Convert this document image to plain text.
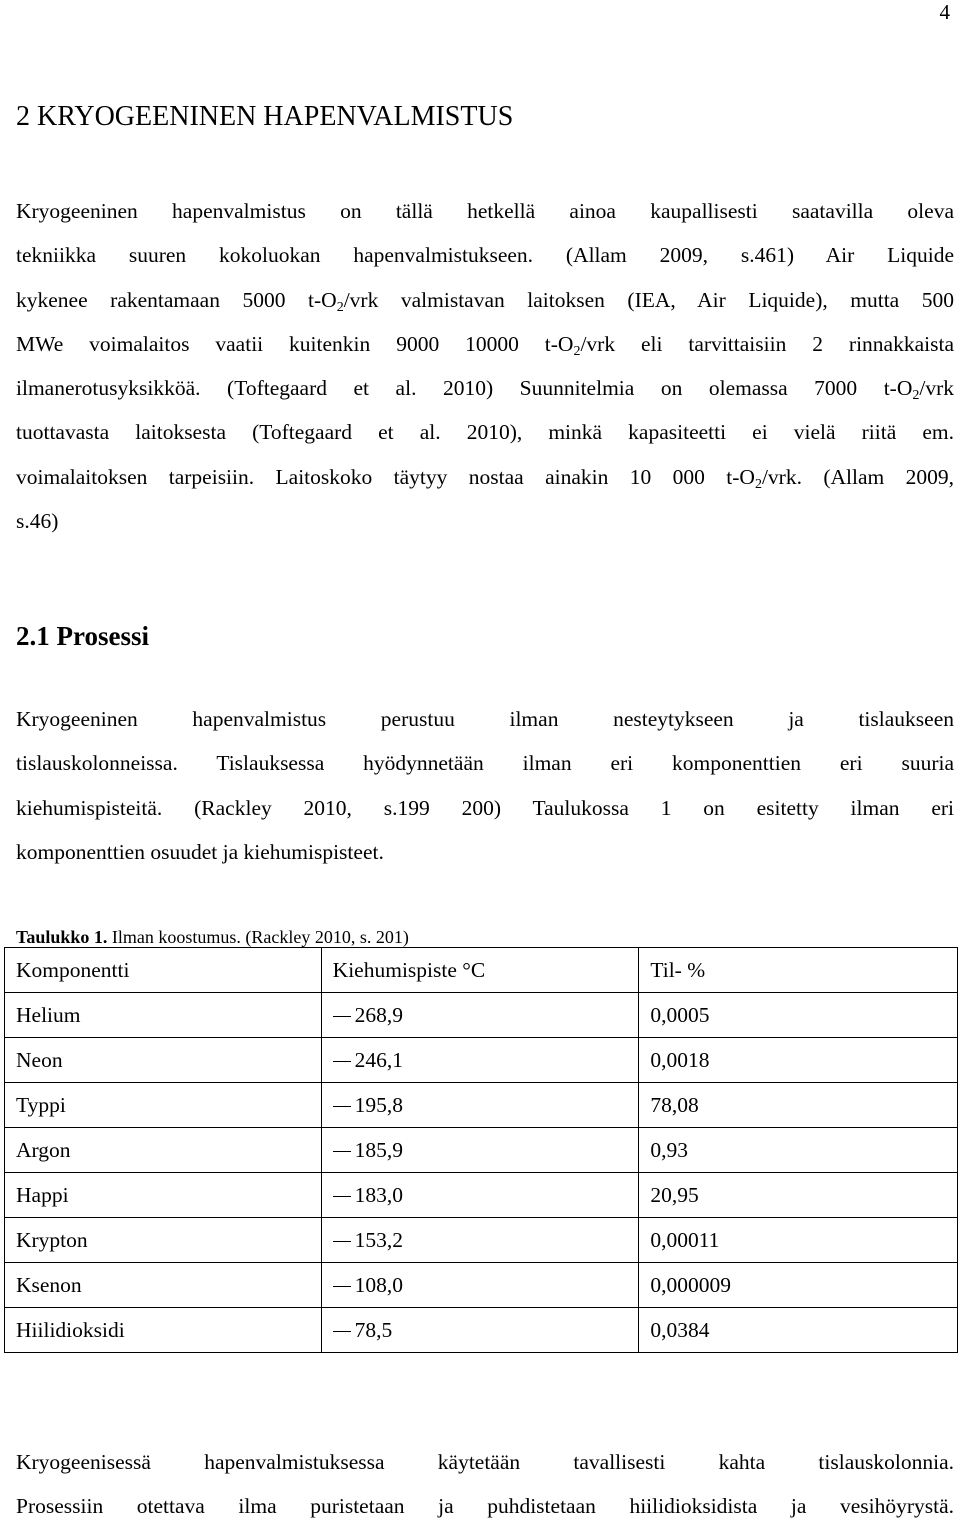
4
2 KRYOGEENINEN HAPENVALMISTUS
Kryogeeninen hapenvalmistus on tällä hetkellä ainoa kaupallisesti saatavilla oleva
tekniikka suuren kokoluokan hapenvalmistukseen. (Allam 2009, s.461) Air Liquide
kykenee rakentamaan 5000 $t-O_2$/vrk valmistavan laitoksen (IEA, Air Liquide), mutta 500
MWe voimalaitos vaatii kuitenkin 9000 10000 $t-O_2$/vrk eli tarvittaisiin 2 rinnakkaista
ilmanerotusyksikköä. (Toftegaard et al. 2010) Suunnitelmia on olemassa 7000 $t-O_2$/vrk
tuottavasta laitoksesta (Toftegaard et al. 2010), minkä kapasiteetti ei vielä riitä em.
voimalaitoksen tarpeisiin. Laitoskoko täytyy nostaa ainakin 10 000 $t-O_2$/vrk. (Allam 2009,
s.46)
2.1 Prosessi
Kryogeeninen hapenvalmistus perustuu ilman nesteytykseen ja tislaukseen
tislauskolonneissa. Tislauksessa hyödynnetään ilman eri komponenttien eri suuria
kiehumispisteitä. (Rackley 2010, s.199 200) Taulukossa 1 on esitetty ilman eri
komponenttien osuudet ja kiehumispisteet.
Taulukko 1. Ilman koostumus. (Rackley 2010, s. 201)
Komponentti	Kiehumispiste °C	Til- %
Helium	268,9	0,0005
Neon	246,1	0,0018
Typpi	195,8	78,08
Argon	185,9	0,93
Happi	183,0	20,95
Krypton	153,2	0,00011
Ksenon	108,0	0,000009
Hiilidioksidi	78,5	0,0384
Kryogeenisessä hapenvalmistuksessa käytetään tavallisesti kahta tislauskolonnia.
Prosessiin otettava ilma puristetaan ja puhdistetaan hiilidioksidista ja vesihöyrystä.
